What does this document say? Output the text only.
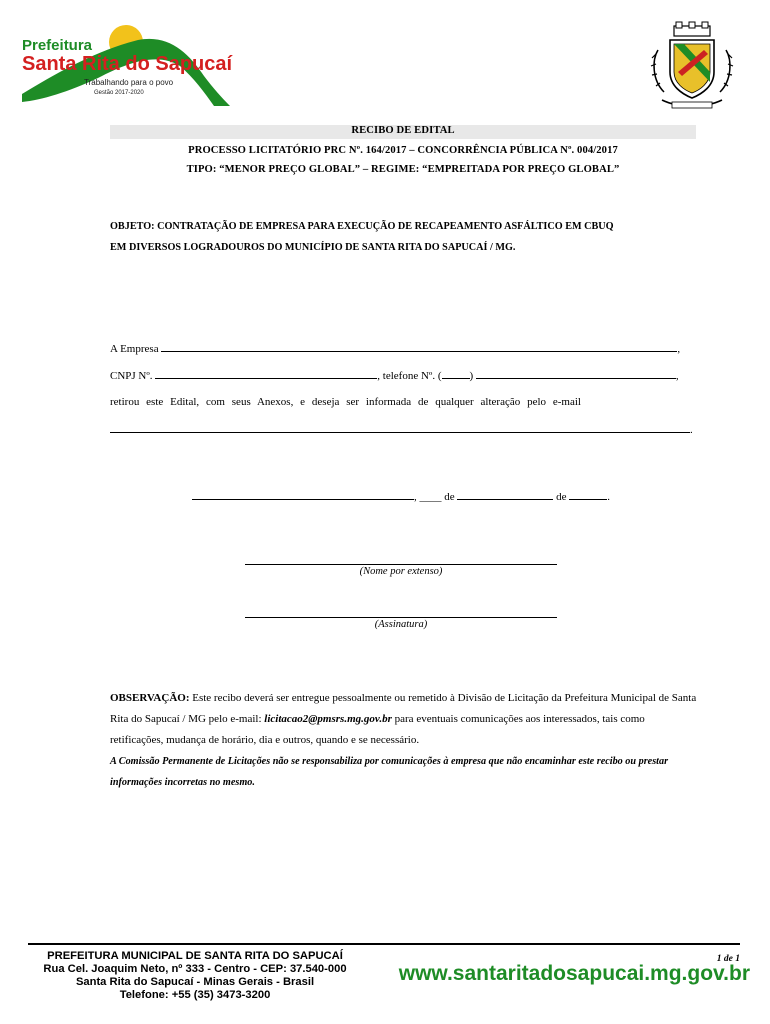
Prefeitura
Santa Rita do Sapucaí
Trabalhando para o povo
Gestão 2017-2020
RECIBO DE EDITAL
PROCESSO LICITATÓRIO PRC Nº. 164/2017 – CONCORRÊNCIA PÚBLICA Nº. 004/2017
TIPO: “MENOR PREÇO GLOBAL” – REGIME: “EMPREITADA POR PREÇO GLOBAL”
OBJETO: CONTRATAÇÃO DE EMPRESA PARA EXECUÇÃO DE RECAPEAMENTO ASFÁLTICO EM CBUQ
EM DIVERSOS LOGRADOUROS DO MUNICÍPIO DE SANTA RITA DO SAPUCAÍ / MG.
A Empresa	,
CNPJ Nº.	, telefone Nº. (	)	,
retirou este Edital, com seus Anexos, e deseja ser informada de qualquer alteração pelo e-mail
.
, ____ de	de	.
(Nome por extenso)
(Assinatura)
OBSERVAÇÃO: Este recibo deverá ser entregue pessoalmente ou remetido à Divisão de Licitação da Prefeitura Municipal de Santa Rita do Sapucaí / MG pelo e-mail: licitacao2@pmsrs.mg.gov.br para eventuais comunicações aos interessados, tais como retificações, mudança de horário, dia e outros, quando e se necessário.
A Comissão Permanente de Licitações não se responsabiliza por comunicações à empresa que não encaminhar este recibo ou prestar informações incorretas no mesmo.
PREFEITURA MUNICIPAL DE SANTA RITA DO SAPUCAÍ
Rua Cel. Joaquim Neto, nº 333 - Centro - CEP: 37.540-000
Santa Rita do Sapucaí - Minas Gerais - Brasil
Telefone: +55 (35) 3473-3200
1 de 1
www.santaritadosapucai.mg.gov.br
